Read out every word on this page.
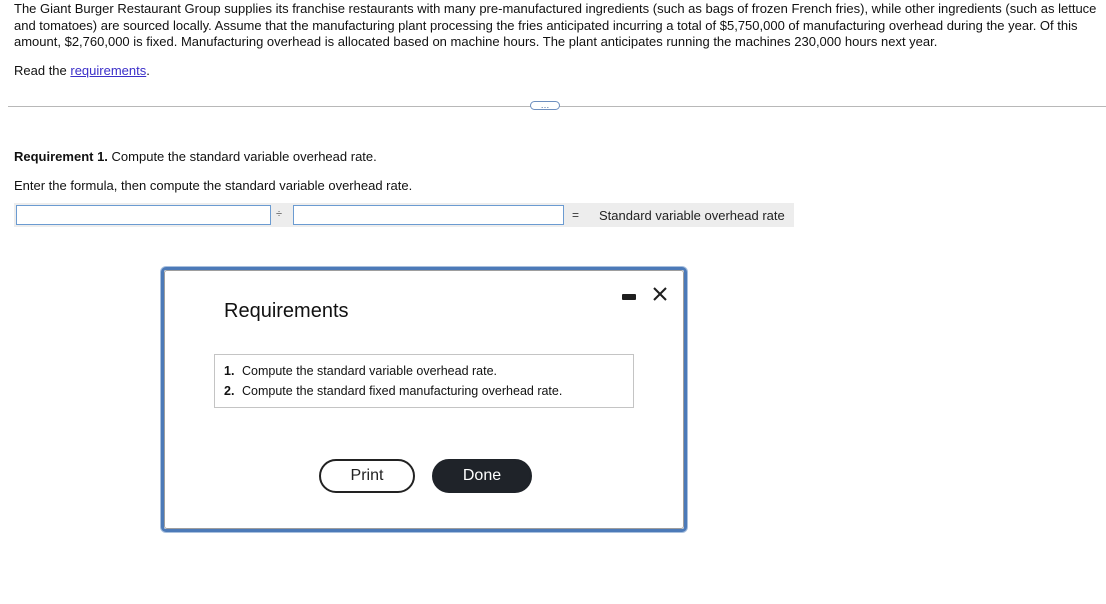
The Giant Burger Restaurant Group supplies its franchise restaurants with many pre-manufactured ingredients (such as bags of frozen French fries), while other ingredients (such as lettuce and tomatoes) are sourced locally. Assume that the manufacturing plant processing the fries anticipated incurring a total of $5,750,000 of manufacturing overhead during the year. Of this amount, $2,760,000 is fixed. Manufacturing overhead is allocated based on machine hours. The plant anticipates running the machines 230,000 hours next year.

Read the requirements.
…
Requirement 1. Compute the standard variable overhead rate.
Enter the formula, then compute the standard variable overhead rate.
÷	= Standard variable overhead rate
Requirements
1. Compute the standard variable overhead rate.
2. Compute the standard fixed manufacturing overhead rate.
Print	Done
